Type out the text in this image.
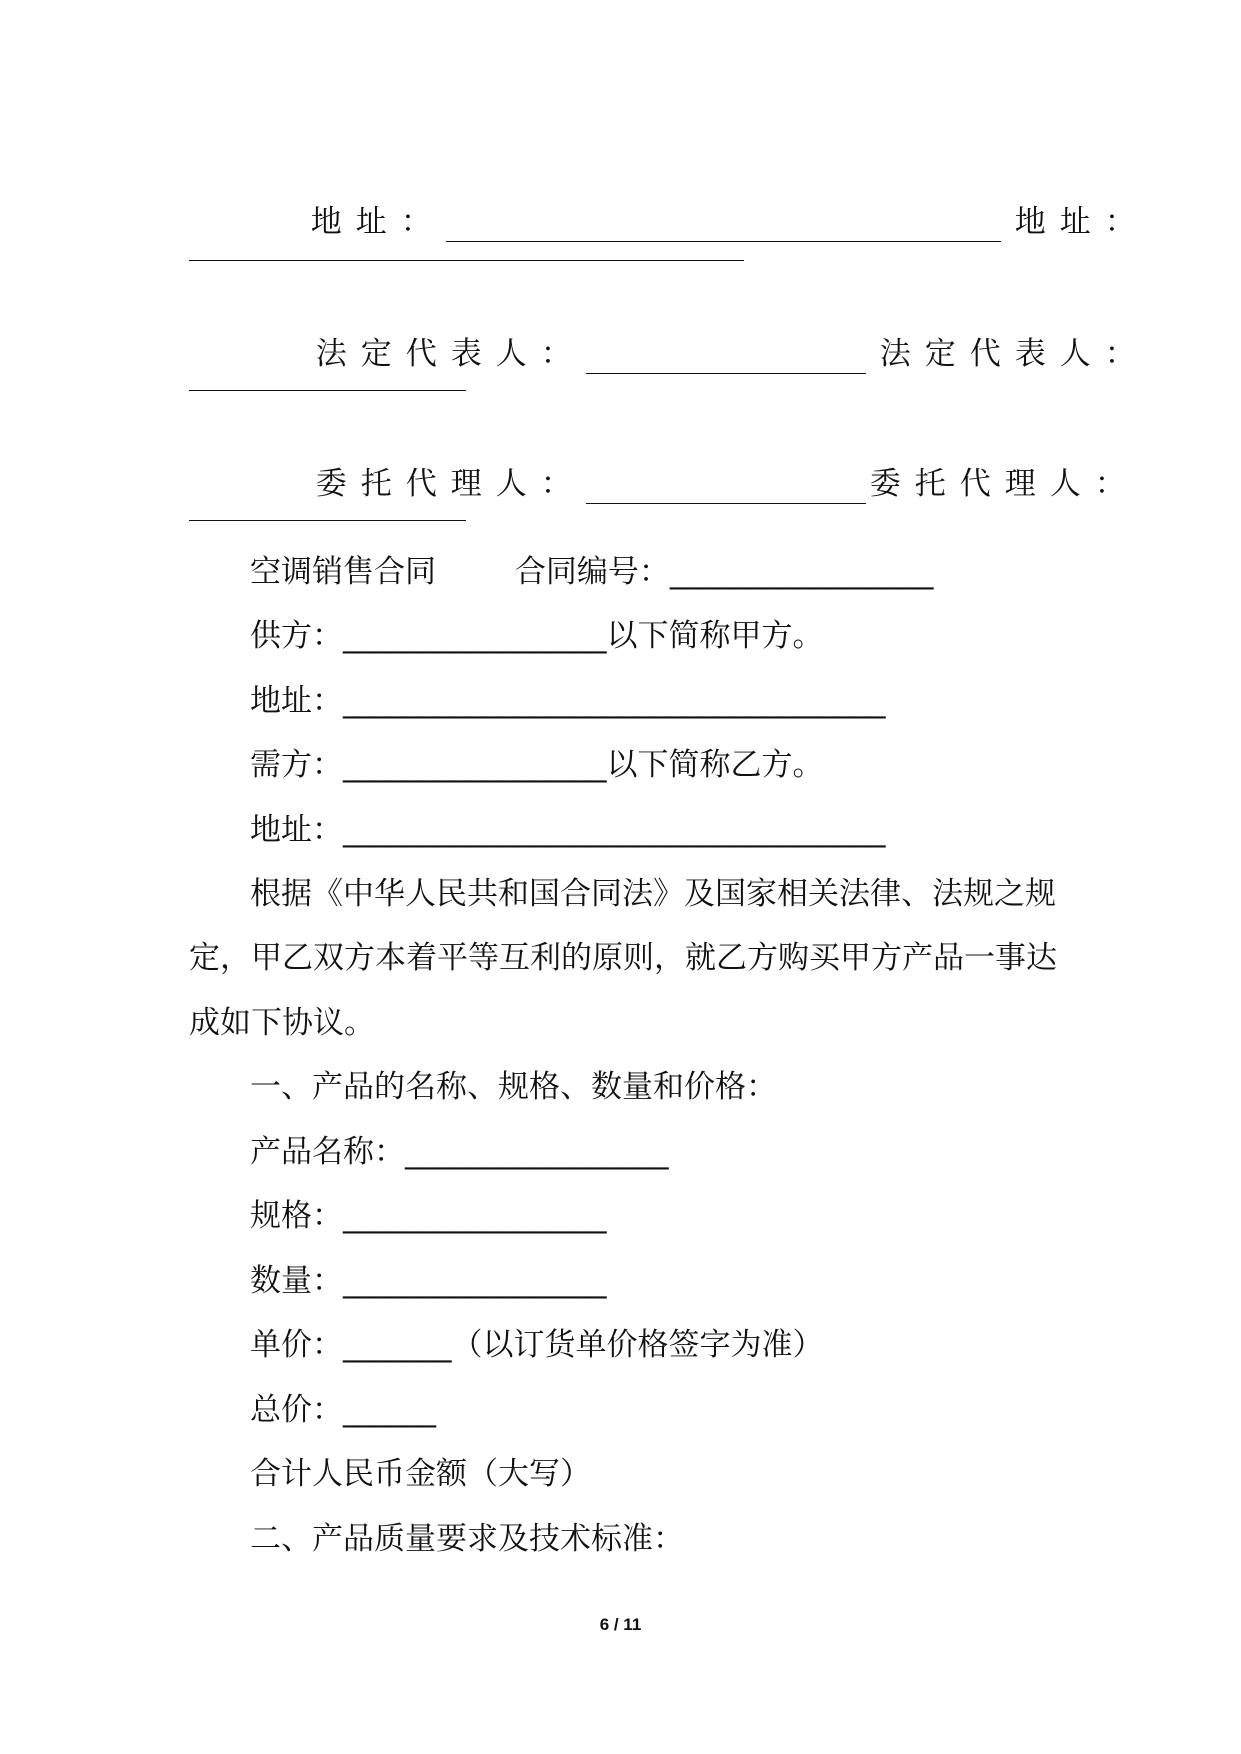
地址：	地址：

法定代表人：	法定代表人：

委托代理人：	委托代理人：

空调销售合同        合同编号：_________________
供方：_________________以下简称甲方。
地址：___________________________________
需方：_________________以下简称乙方。
地址：___________________________________
根据《中华人民共和国合同法》及国家相关法律、法规之规
定，甲乙双方本着平等互利的原则，就乙方购买甲方产品一事达
成如下协议。
一、产品的名称、规格、数量和价格：
产品名称：_________________
规格：_________________
数量：_________________
单价：_______（以订货单价格签字为准）
总价：______
合计人民币金额（大写）
二、产品质量要求及技术标准：
6 / 11
